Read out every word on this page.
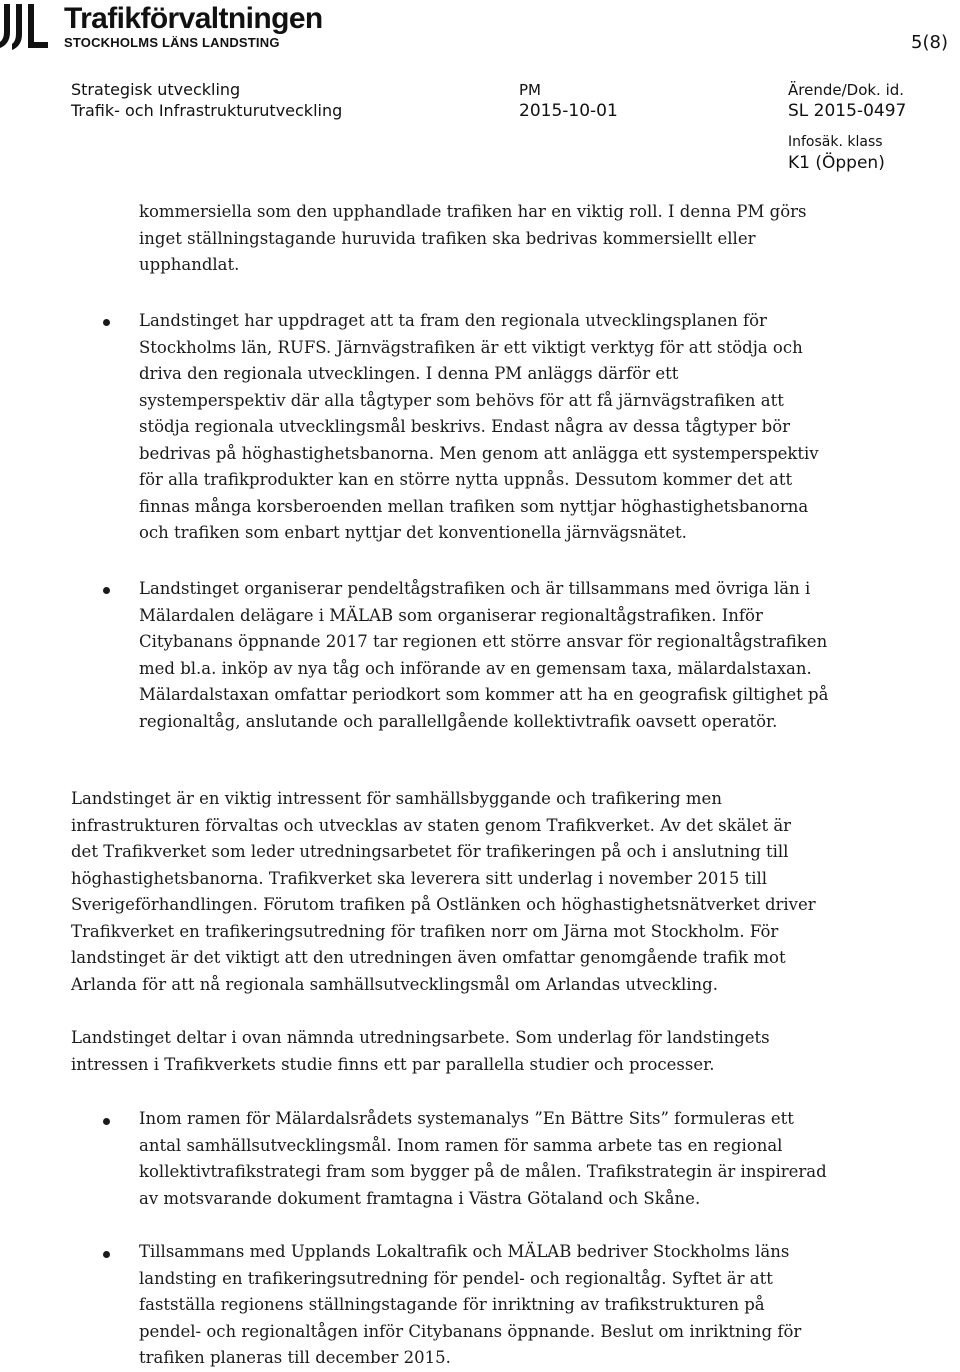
Trafikförvaltningen
STOCKHOLMS LÄNS LANDSTING	5(8)
Strategisk utveckling
Trafik- och Infrastrukturutveckling
PM
2015-10-01
Ärende/Dok. id.
SL 2015-0497
Infosäk. klass
K1 (Öppen)

kommersiella som den upphandlade trafiken har en viktig roll. I denna PM görs inget ställningstagande huruvida trafiken ska bedrivas kommersiellt eller upphandlat.

Landstinget har uppdraget att ta fram den regionala utvecklingsplanen för Stockholms län, RUFS. Järnvägstrafiken är ett viktigt verktyg för att stödja och driva den regionala utvecklingen. I denna PM anläggs därför ett systemperspektiv där alla tågtyper som behövs för att få järnvägstrafiken att stödja regionala utvecklingsmål beskrivs. Endast några av dessa tågtyper bör bedrivas på höghastighetsbanorna. Men genom att anlägga ett systemperspektiv för alla trafikprodukter kan en större nytta uppnås. Dessutom kommer det att finnas många korsberoenden mellan trafiken som nyttjar höghastighetsbanorna och trafiken som enbart nyttjar det konventionella järnvägsnätet.

Landstinget organiserar pendeltågstrafiken och är tillsammans med övriga län i Mälardalen delägare i MÄLAB som organiserar regionaltågstrafiken. Inför Citybanans öppnande 2017 tar regionen ett större ansvar för regionaltågstrafiken med bl.a. inköp av nya tåg och införande av en gemensam taxa, mälardalstaxan. Mälardalstaxan omfattar periodkort som kommer att ha en geografisk giltighet på regionaltåg, anslutande och parallellgående kollektivtrafik oavsett operatör.

Landstinget är en viktig intressent för samhällsbyggande och trafikering men infrastrukturen förvaltas och utvecklas av staten genom Trafikverket. Av det skälet är det Trafikverket som leder utredningsarbetet för trafikeringen på och i anslutning till höghastighetsbanorna. Trafikverket ska leverera sitt underlag i november 2015 till Sverigeförhandlingen. Förutom trafiken på Ostlänken och höghastighetsnätverket driver Trafikverket en trafikeringsutredning för trafiken norr om Järna mot Stockholm. För landstinget är det viktigt att den utredningen även omfattar genomgående trafik mot Arlanda för att nå regionala samhällsutvecklingsmål om Arlandas utveckling.

Landstinget deltar i ovan nämnda utredningsarbete. Som underlag för landstingets intressen i Trafikverkets studie finns ett par parallella studier och processer.

Inom ramen för Mälardalsrådets systemanalys ”En Bättre Sits” formuleras ett antal samhällsutvecklingsmål. Inom ramen för samma arbete tas en regional kollektivtrafikstrategi fram som bygger på de målen. Trafikstrategin är inspirerad av motsvarande dokument framtagna i Västra Götaland och Skåne.

Tillsammans med Upplands Lokaltrafik och MÄLAB bedriver Stockholms läns landsting en trafikeringsutredning för pendel- och regionaltåg. Syftet är att fastställa regionens ställningstagande för inriktning av trafikstrukturen på pendel- och regionaltågen inför Citybanans öppnande. Beslut om inriktning för trafiken planeras till december 2015.
